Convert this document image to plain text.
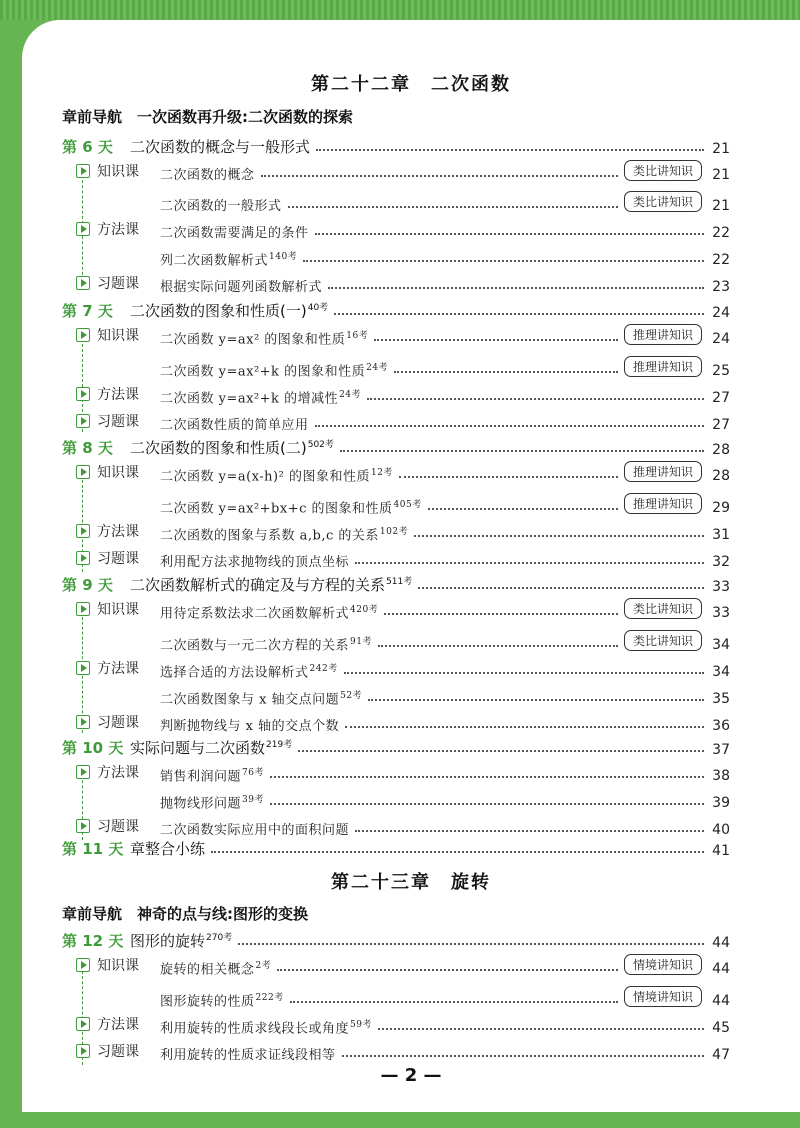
第二十二章　二次函数
章前导航　一次函数再升级:二次函数的探索
第 6 天	二次函数的概念与一般形式	21
知识课 二次函数的概念	类比讲知识	21
二次函数的一般形式	类比讲知识	21
方法课 二次函数需要满足的条件	22
列二次函数解析式$^{140考}$	22
习题课 根据实际问题列函数解析式	23
第 7 天	二次函数的图象和性质(一)$^{40考}$	24
知识课 二次函数 y=ax² 的图象和性质$^{16考}$	推理讲知识	24
二次函数 y=ax²+k 的图象和性质$^{24考}$	推理讲知识	25
方法课 二次函数 y=ax²+k 的增减性$^{24考}$	27
习题课 二次函数性质的简单应用	27
第 8 天	二次函数的图象和性质(二)$^{502考}$	28
知识课 二次函数 y=a(x-h)² 的图象和性质$^{12考}$	推理讲知识	28
二次函数 y=ax²+bx+c 的图象和性质$^{405考}$	推理讲知识	29
方法课 二次函数的图象与系数 a,b,c 的关系$^{102考}$	31
习题课 利用配方法求抛物线的顶点坐标	32
第 9 天	二次函数解析式的确定及与方程的关系$^{511考}$	33
知识课 用待定系数法求二次函数解析式$^{420考}$	类比讲知识	33
二次函数与一元二次方程的关系$^{91考}$	类比讲知识	34
方法课 选择合适的方法设解析式$^{242考}$	34
二次函数图象与 x 轴交点问题$^{52考}$	35
习题课 判断抛物线与 x 轴的交点个数	36
第 10 天 实际问题与二次函数$^{219考}$	37
方法课 销售利润问题$^{76考}$	38
抛物线形问题$^{39考}$	39
习题课 二次函数实际应用中的面积问题	40
第 11 天 章整合小练	41
第二十三章　旋转
章前导航　神奇的点与线:图形的变换
第 12 天 图形的旋转$^{270考}$	44
知识课 旋转的相关概念$^{2考}$	情境讲知识	44
图形旋转的性质$^{222考}$	情境讲知识	44
方法课 利用旋转的性质求线段长或角度$^{59考}$	45
习题课 利用旋转的性质求证线段相等	47
— 2 —
